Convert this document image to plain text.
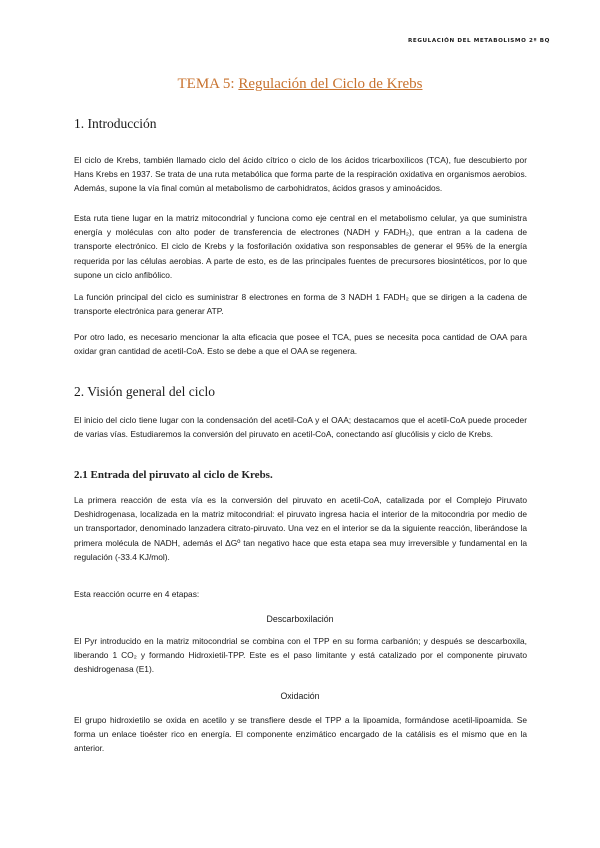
REGULACIÓN DEL METABOLISMO 2º BQ
TEMA 5: Regulación del Ciclo de Krebs
1. Introducción

El ciclo de Krebs, también llamado ciclo del ácido cítrico o ciclo de los ácidos tricarboxílicos (TCA), fue descubierto por Hans Krebs en 1937. Se trata de una ruta metabólica que forma parte de la respiración oxidativa en organismos aerobios. Además, supone la vía final común al metabolismo de carbohidratos, ácidos grasos y aminoácidos.

Esta ruta tiene lugar en la matriz mitocondrial y funciona como eje central en el metabolismo celular, ya que suministra energía y moléculas con alto poder de transferencia de electrones (NADH y FADH₂), que entran a la cadena de transporte electrónico. El ciclo de Krebs y la fosforilación oxidativa son responsables de generar el 95% de la energía requerida por las células aerobias. A parte de esto, es de las principales fuentes de precursores biosintéticos, por lo que supone un ciclo anfibólico.

La función principal del ciclo es suministrar 8 electrones en forma de 3 NADH 1 FADH₂ que se dirigen a la cadena de transporte electrónica para generar ATP.

Por otro lado, es necesario mencionar la alta eficacia que posee el TCA, pues se necesita poca cantidad de OAA para oxidar gran cantidad de acetil-CoA. Esto se debe a que el OAA se regenera.

2. Visión general del ciclo

El inicio del ciclo tiene lugar con la condensación del acetil-CoA y el OAA; destacamos que el acetil-CoA puede proceder de varias vías. Estudiaremos la conversión del piruvato en acetil-CoA, conectando así glucólisis y ciclo de Krebs.

2.1 Entrada del piruvato al ciclo de Krebs.

La primera reacción de esta vía es la conversión del piruvato en acetil-CoA, catalizada por el Complejo Piruvato Deshidrogenasa, localizada en la matriz mitocondrial: el piruvato ingresa hacia el interior de la mitocondria por medio de un transportador, denominado lanzadera citrato-piruvato. Una vez en el interior se da la siguiente reacción, liberándose la primera molécula de NADH, además el ΔGº tan negativo hace que esta etapa sea muy irreversible y fundamental en la regulación (-33.4 KJ/mol).

Esta reacción ocurre en 4 etapas:

Descarboxilación

El Pyr introducido en la matriz mitocondrial se combina con el TPP en su forma carbanión; y después se descarboxila, liberando 1 CO₂ y formando Hidroxietil-TPP. Este es el paso limitante y está catalizado por el componente piruvato deshidrogenasa (E1).

Oxidación

El grupo hidroxietilo se oxida en acetilo y se transfiere desde el TPP a la lipoamida, formándose acetil-lipoamida. Se forma un enlace tioéster rico en energía. El componente enzimático encargado de la catálisis es el mismo que en la anterior.
